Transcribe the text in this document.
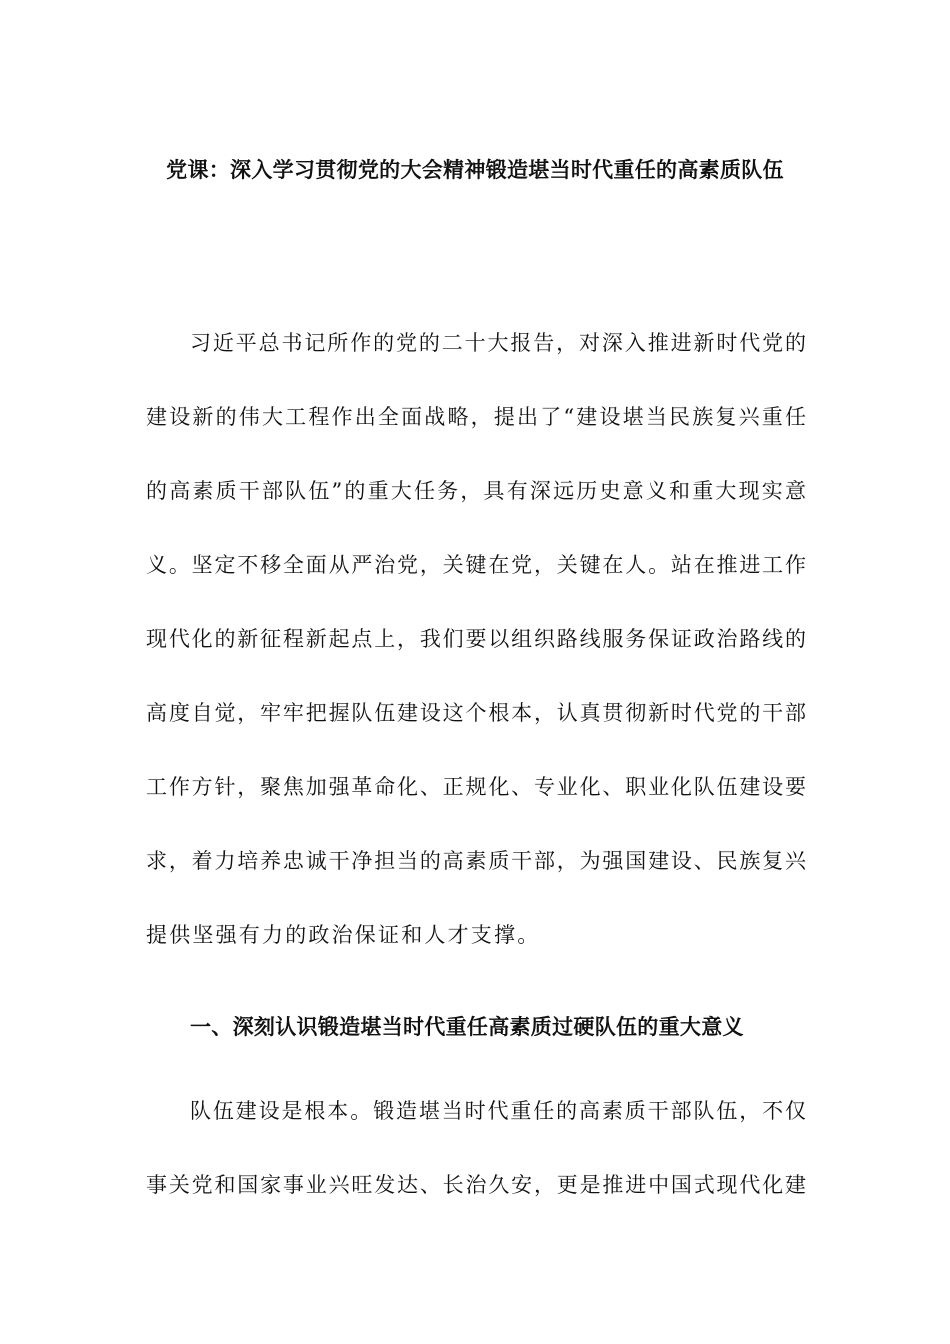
党课：深入学习贯彻党的大会精神锻造堪当时代重任的高素质队伍
习近平总书记所作的党的二十大报告，对深入推进新时代党的
建设新的伟大工程作出全面战略，提出了“建设堪当民族复兴重任
的高素质干部队伍”的重大任务，具有深远历史意义和重大现实意
义。坚定不移全面从严治党，关键在党，关键在人。站在推进工作
现代化的新征程新起点上，我们要以组织路线服务保证政治路线的
高度自觉，牢牢把握队伍建设这个根本，认真贯彻新时代党的干部
工作方针，聚焦加强革命化、正规化、专业化、职业化队伍建设要
求，着力培养忠诚干净担当的高素质干部，为强国建设、民族复兴
提供坚强有力的政治保证和人才支撑。
一、深刻认识锻造堪当时代重任高素质过硬队伍的重大意义
队伍建设是根本。锻造堪当时代重任的高素质干部队伍，不仅
事关党和国家事业兴旺发达、长治久安，更是推进中国式现代化建
